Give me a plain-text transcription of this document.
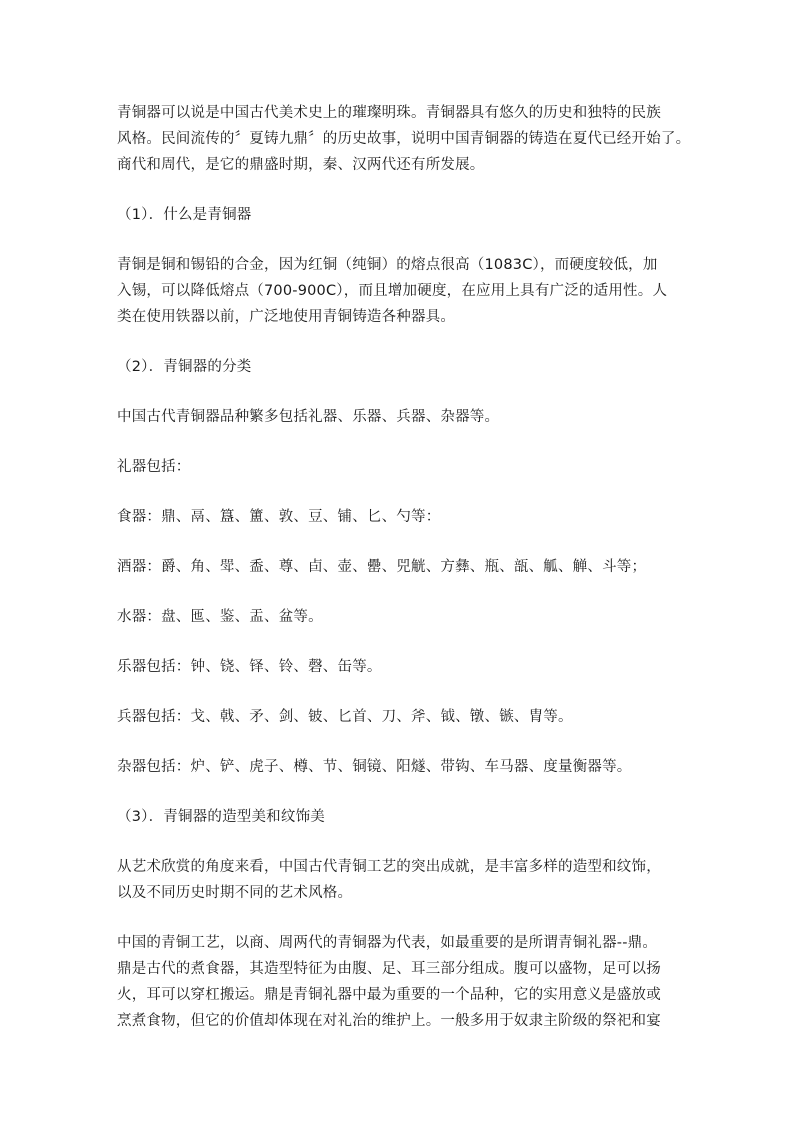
青铜器可以说是中国古代美术史上的璀璨明珠。青铜器具有悠久的历史和独特的民族
风格。民间流传的〞夏铸九鼎〞的历史故事，说明中国青铜器的铸造在夏代已经开始了。
商代和周代，是它的鼎盛时期，秦、汉两代还有所发展。

（1）．什么是青铜器

青铜是铜和锡铅的合金，因为红铜（纯铜）的熔点很高（1083C），而硬度较低，加
入锡，可以降低熔点（700-900C），而且增加硬度，在应用上具有广泛的适用性。人
类在使用铁器以前，广泛地使用青铜铸造各种器具。

（2）．青铜器的分类

中国古代青铜器品种繁多包括礼器、乐器、兵器、杂器等。

礼器包括：

食器：鼎、鬲、簋、簠、敦、豆、铺、匕、勺等：

酒器：爵、角、斝、盉、尊、卣、壶、罍、兕觥、方彝、瓶、瓿、觚、觯、斗等；

水器：盘、匜、鉴、盂、盆等。

乐器包括：钟、铙、铎、铃、磬、缶等。

兵器包括：戈、戟、矛、剑、铍、匕首、刀、斧、钺、镦、镞、胄等。

杂器包括：炉、铲、虎子、樽、节、铜镜、阳燧、带钩、车马器、度量衡器等。

（3）．青铜器的造型美和纹饰美

从艺术欣赏的角度来看，中国古代青铜工艺的突出成就，是丰富多样的造型和纹饰，
以及不同历史时期不同的艺术风格。

中国的青铜工艺，以商、周两代的青铜器为代表，如最重要的是所谓青铜礼器--鼎。
鼎是古代的煮食器，其造型特征为由腹、足、耳三部分组成。腹可以盛物，足可以扬
火，耳可以穿杠搬运。鼎是青铜礼器中最为重要的一个品种，它的实用意义是盛放或
烹煮食物，但它的价值却体现在对礼治的维护上。一般多用于奴隶主阶级的祭祀和宴
